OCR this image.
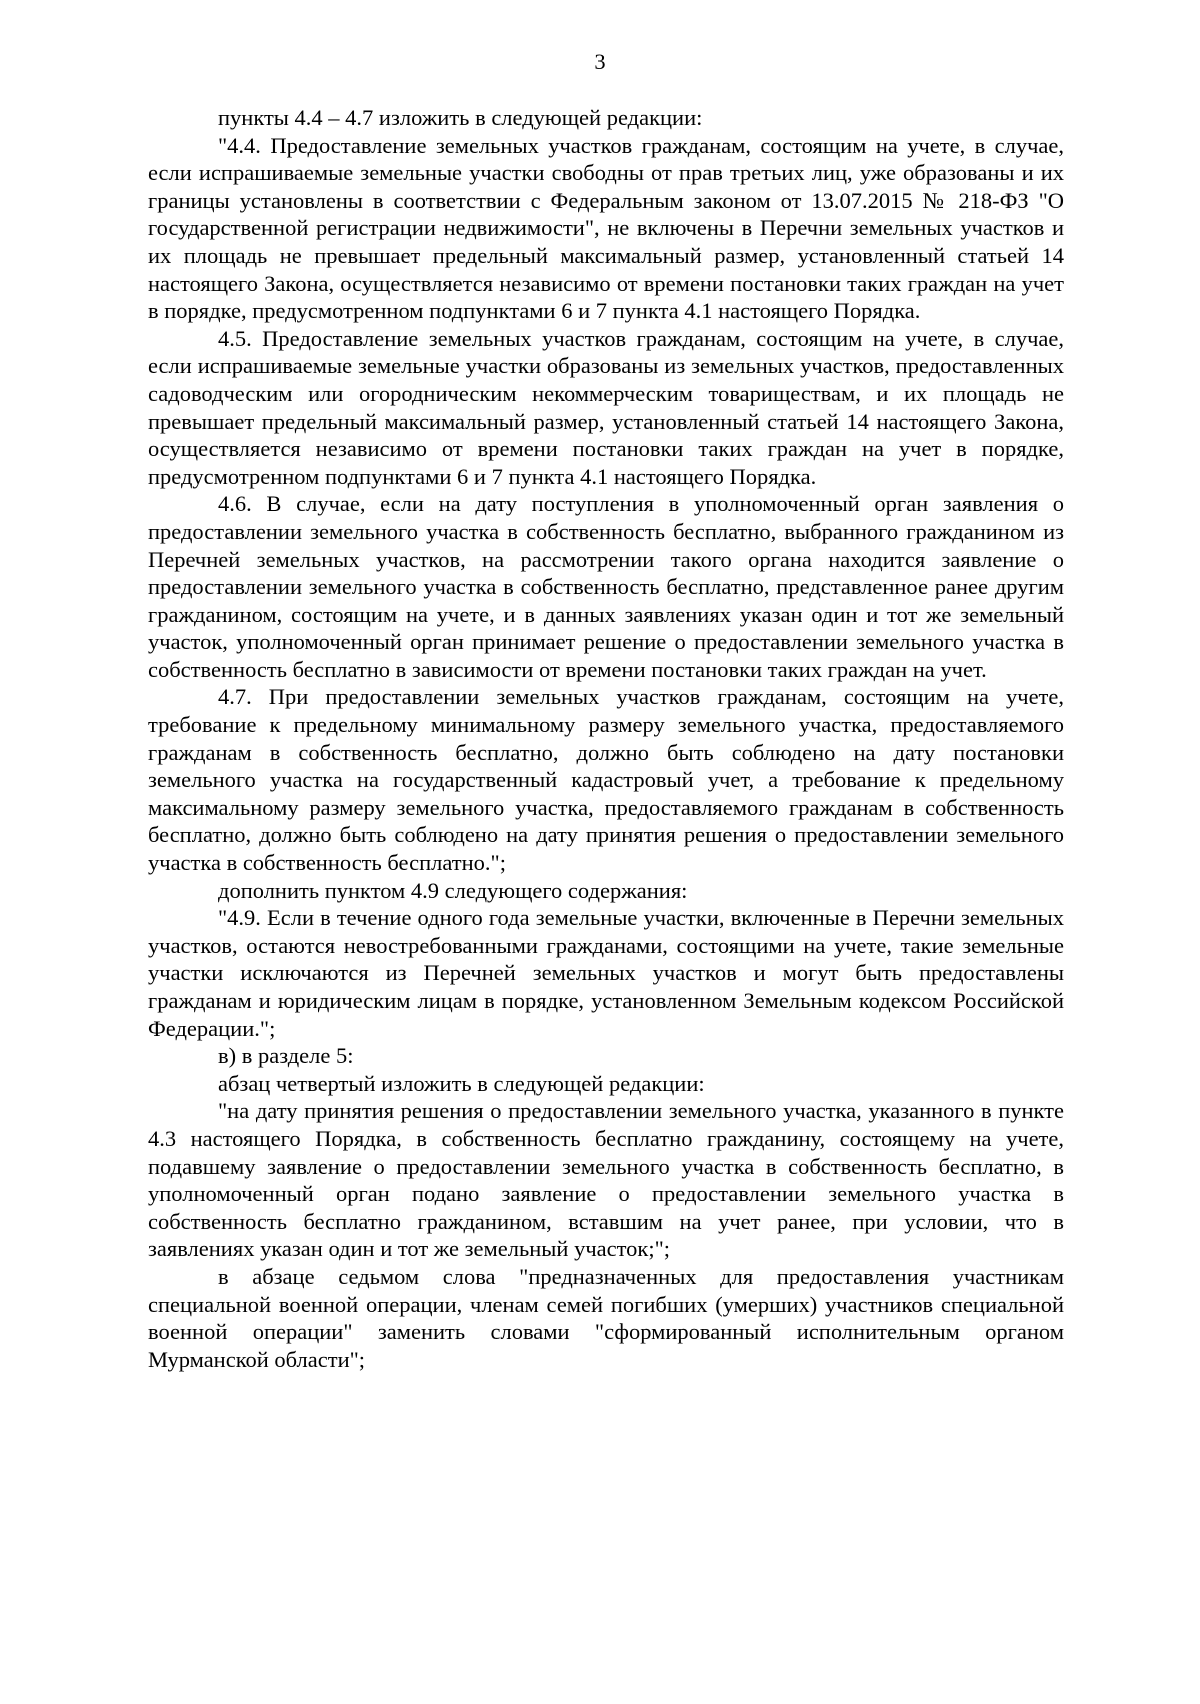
3

пункты 4.4 – 4.7 изложить в следующей редакции:

"4.4. Предоставление земельных участков гражданам, состоящим на учете, в случае, если испрашиваемые земельные участки свободны от прав третьих лиц, уже образованы и их границы установлены в соответствии с Федеральным законом от 13.07.2015 № 218-ФЗ "О государственной регистрации недвижимости", не включены в Перечни земельных участков и их площадь не превышает предельный максимальный размер, установленный статьей 14 настоящего Закона, осуществляется независимо от времени постановки таких граждан на учет в порядке, предусмотренном подпунктами 6 и 7 пункта 4.1 настоящего Порядка.

4.5. Предоставление земельных участков гражданам, состоящим на учете, в случае, если испрашиваемые земельные участки образованы из земельных участков, предоставленных садоводческим или огородническим некоммерческим товариществам, и их площадь не превышает предельный максимальный размер, установленный статьей 14 настоящего Закона, осуществляется независимо от времени постановки таких граждан на учет в порядке, предусмотренном подпунктами 6 и 7 пункта 4.1 настоящего Порядка.

4.6. В случае, если на дату поступления в уполномоченный орган заявления о предоставлении земельного участка в собственность бесплатно, выбранного гражданином из Перечней земельных участков, на рассмотрении такого органа находится заявление о предоставлении земельного участка в собственность бесплатно, представленное ранее другим гражданином, состоящим на учете, и в данных заявлениях указан один и тот же земельный участок, уполномоченный орган принимает решение о предоставлении земельного участка в собственность бесплатно в зависимости от времени постановки таких граждан на учет.

4.7. При предоставлении земельных участков гражданам, состоящим на учете, требование к предельному минимальному размеру земельного участка, предоставляемого гражданам в собственность бесплатно, должно быть соблюдено на дату постановки земельного участка на государственный кадастровый учет, а требование к предельному максимальному размеру земельного участка, предоставляемого гражданам в собственность бесплатно, должно быть соблюдено на дату принятия решения о предоставлении земельного участка в собственность бесплатно.";

дополнить пунктом 4.9 следующего содержания:

"4.9. Если в течение одного года земельные участки, включенные в Перечни земельных участков, остаются невостребованными гражданами, состоящими на учете, такие земельные участки исключаются из Перечней земельных участков и могут быть предоставлены гражданам и юридическим лицам в порядке, установленном Земельным кодексом Российской Федерации.";

в) в разделе 5:

абзац четвертый изложить в следующей редакции:

"на дату принятия решения о предоставлении земельного участка, указанного в пункте 4.3 настоящего Порядка, в собственность бесплатно гражданину, состоящему на учете, подавшему заявление о предоставлении земельного участка в собственность бесплатно, в уполномоченный орган подано заявление о предоставлении земельного участка в собственность бесплатно гражданином, вставшим на учет ранее, при условии, что в заявлениях указан один и тот же земельный участок;";

в абзаце седьмом слова "предназначенных для предоставления участникам специальной военной операции, членам семей погибших (умерших) участников специальной военной операции" заменить словами "сформированный исполнительным органом Мурманской области";
